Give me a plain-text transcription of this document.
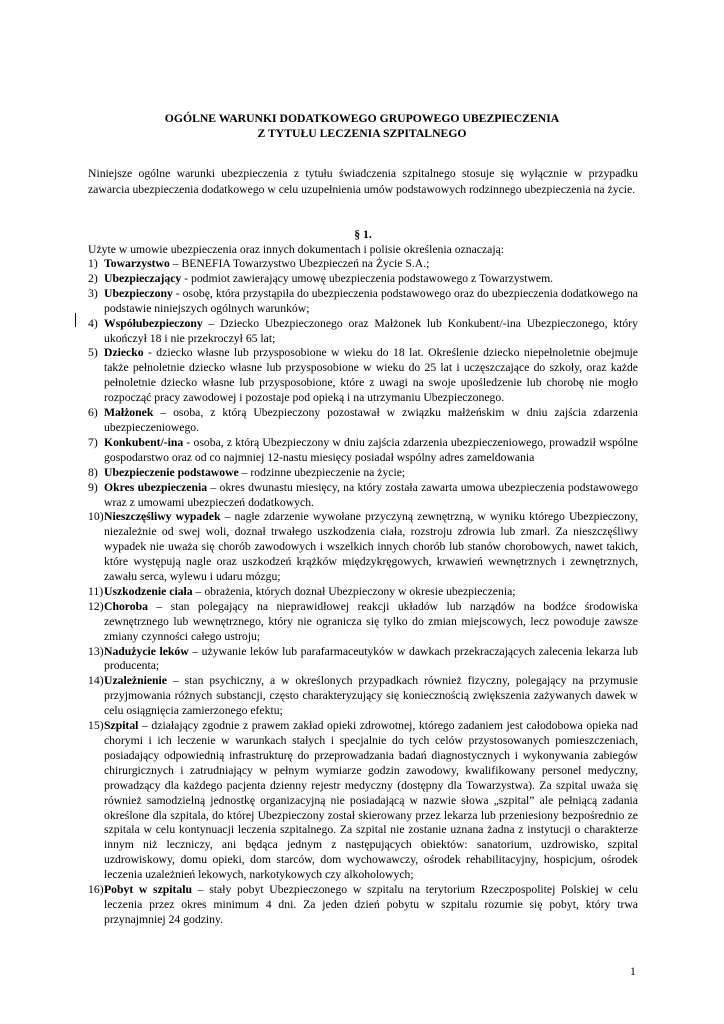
OGÓLNE WARUNKI DODATKOWEGO GRUPOWEGO UBEZPIECZENIA
Z TYTUŁU LECZENIA SZPITALNEGO
Niniejsze ogólne warunki ubezpieczenia z tytułu świadczenia szpitalnego stosuje się wyłącznie w przypadku zawarcia ubezpieczenia dodatkowego w celu uzupełnienia umów podstawowych rodzinnego ubezpieczenia na życie.
§ 1.
Użyte w umowie ubezpieczenia oraz innych dokumentach i polisie określenia oznaczają:
1) Towarzystwo – BENEFIA Towarzystwo Ubezpieczeń na Życie S.A.;
2) Ubezpieczający - podmiot zawierający umowę ubezpieczenia podstawowego z Towarzystwem.
3) Ubezpieczony - osobę, która przystąpiła do ubezpieczenia podstawowego oraz do ubezpieczenia dodatkowego na podstawie niniejszych ogólnych warunków;
4) Współubezpieczony – Dziecko Ubezpieczonego oraz Małżonek lub Konkubent/-ina Ubezpieczonego, który ukończył 18 i nie przekroczył 65 lat;
5) Dziecko - dziecko własne lub przysposobione w wieku do 18 lat. Określenie dziecko niepełnoletnie obejmuje także pełnoletnie dziecko własne lub przysposobione w wieku do 25 lat i uczęszczające do szkoły, oraz każde pełnoletnie dziecko własne lub przysposobione, które z uwagi na swoje upośledzenie lub chorobę nie mogło rozpocząć pracy zawodowej i pozostaje pod opieką i na utrzymaniu Ubezpieczonego.
6) Małżonek – osoba, z którą Ubezpieczony pozostawał w związku małżeńskim w dniu zajścia zdarzenia ubezpieczeniowego.
7) Konkubent/-ina - osoba, z którą Ubezpieczony w dniu zajścia zdarzenia ubezpieczeniowego, prowadził wspólne gospodarstwo oraz od co najmniej 12-nastu miesięcy posiadał wspólny adres zameldowania
8) Ubezpieczenie podstawowe – rodzinne ubezpieczenie na życie;
9) Okres ubezpieczenia – okres dwunastu miesięcy, na który została zawarta umowa ubezpieczenia podstawowego wraz z umowami ubezpieczeń dodatkowych.
10) Nieszczęśliwy wypadek – nagłe zdarzenie wywołane przyczyną zewnętrzną, w wyniku którego Ubezpieczony, niezależnie od swej woli, doznał trwałego uszkodzenia ciała, rozstroju zdrowia lub zmarł. Za nieszczęśliwy wypadek nie uważa się chorób zawodowych i wszelkich innych chorób lub stanów chorobowych, nawet takich, które występują nagle oraz uszkodzeń krążków międzykręgowych, krwawień wewnętrznych i zewnętrznych, zawału serca, wylewu i udaru mózgu;
11) Uszkodzenie ciała – obrażenia, których doznał Ubezpieczony w okresie ubezpieczenia;
12) Choroba – stan polegający na nieprawidłowej reakcji układów lub narządów na bodźce środowiska zewnętrznego lub wewnętrznego, który nie ogranicza się tylko do zmian miejscowych, lecz powoduje zawsze zmiany czynności całego ustroju;
13) Nadużycie leków – używanie leków lub parafarmaceutyków w dawkach przekraczających zalecenia lekarza lub producenta;
14) Uzależnienie – stan psychiczny, a w określonych przypadkach również fizyczny, polegający na przymusie przyjmowania różnych substancji, często charakteryzujący się koniecznością zwiększenia zażywanych dawek w celu osiągnięcia zamierzonego efektu;
15) Szpital – działający zgodnie z prawem zakład opieki zdrowotnej, którego zadaniem jest całodobowa opieka nad chorymi i ich leczenie w warunkach stałych i specjalnie do tych celów przystosowanych pomieszczeniach, posiadający odpowiednią infrastrukturę do przeprowadzania badań diagnostycznych i wykonywania zabiegów chirurgicznych i zatrudniający w pełnym wymiarze godzin zawodowy, kwalifikowany personel medyczny, prowadzący dla każdego pacjenta dzienny rejestr medyczny (dostępny dla Towarzystwa). Za szpital uważa się również samodzielną jednostkę organizacyjną nie posiadającą w nazwie słowa „szpital” ale pełniącą zadania określone dla szpitala, do której Ubezpieczony został skierowany przez lekarza lub przeniesiony bezpośrednio ze szpitala w celu kontynuacji leczenia szpitalnego. Za szpital nie zostanie uznana żadna z instytucji o charakterze innym niż leczniczy, ani będąca jednym z następujących obiektów: sanatorium, uzdrowisko, szpital uzdrowiskowy, domu opieki, dom starców, dom wychowawczy, ośrodek rehabilitacyjny, hospicjum, ośrodek leczenia uzależnień lekowych, narkotykowych czy alkoholowych;
16) Pobyt w szpitalu – stały pobyt Ubezpieczonego w szpitalu na terytorium Rzeczpospolitej Polskiej w celu leczenia przez okres minimum 4 dni. Za jeden dzień pobytu w szpitalu rozumie się pobyt, który trwa przynajmniej 24 godziny.
1
